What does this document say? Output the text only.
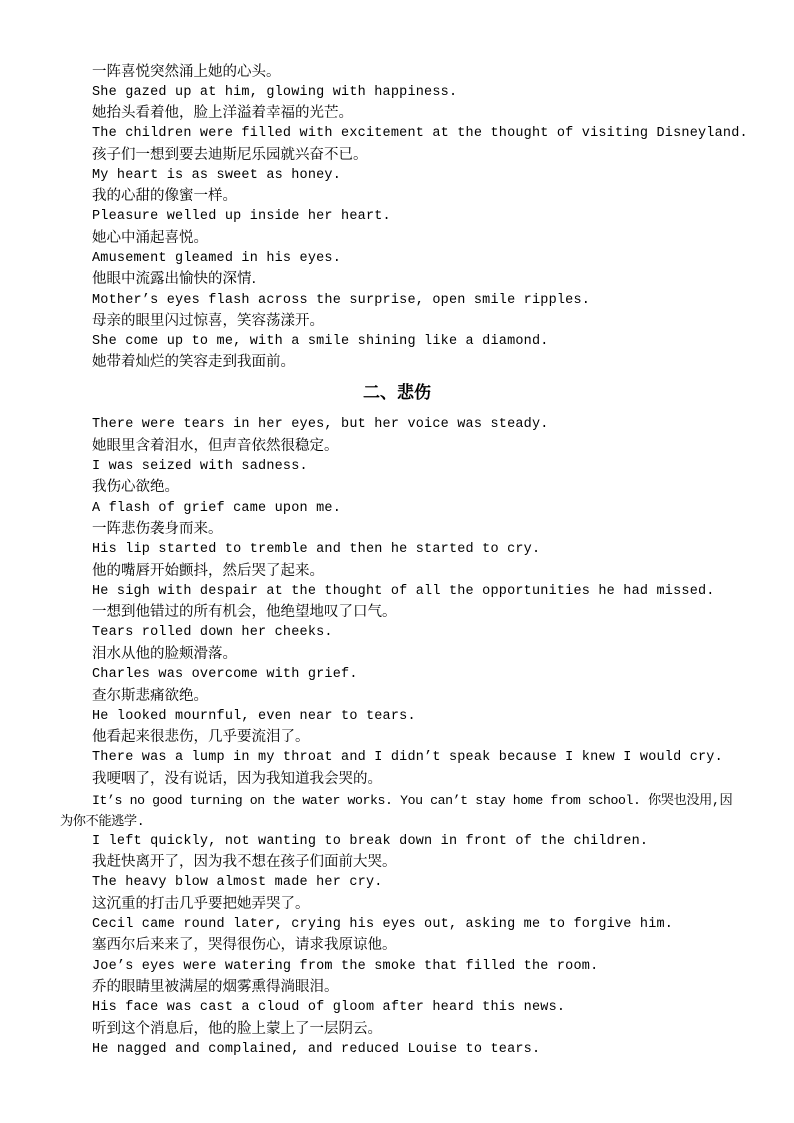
一阵喜悦突然涌上她的心头。
She gazed up at him, glowing with happiness.
她抬头看着他，脸上洋溢着幸福的光芒。
The children were filled with excitement at the thought of visiting Disneyland.
孩子们一想到要去迪斯尼乐园就兴奋不已。
My heart is as sweet as honey.
我的心甜的像蜜一样。
Pleasure welled up inside her heart.
她心中涌起喜悦。
Amusement gleamed in his eyes.
他眼中流露出愉快的深情.
Mother’s eyes flash across the surprise, open smile ripples.
母亲的眼里闪过惊喜，笑容荡漾开。
She come up to me, with a smile shining like a diamond.
她带着灿烂的笑容走到我面前。
二、悲伤
There were tears in her eyes, but her voice was steady.
她眼里含着泪水，但声音依然很稳定。
I was seized with sadness.
我伤心欲绝。
A flash of grief came upon me.
一阵悲伤袭身而来。
His lip started to tremble and then he started to cry.
他的嘴唇开始颤抖，然后哭了起来。
He sigh with despair at the thought of all the opportunities he had missed.
一想到他错过的所有机会，他绝望地叹了口气。
Tears rolled down her cheeks.
泪水从他的脸颊滑落。
Charles was overcome with grief.
查尔斯悲痛欲绝。
He looked mournful, even near to tears.
他看起来很悲伤，几乎要流泪了。
There was a lump in my throat and I didn’t speak because I knew I would cry.
我哽咽了，没有说话，因为我知道我会哭的。
It’s no good turning on the water works. You can’t stay home from school. 你哭也没用,因为你不能逃学.
I left quickly, not wanting to break down in front of the children.
我赶快离开了，因为我不想在孩子们面前大哭。
The heavy blow almost made her cry.
这沉重的打击几乎要把她弄哭了。
Cecil came round later, crying his eyes out, asking me to forgive him.
塞西尔后来来了，哭得很伤心，请求我原谅他。
Joe’s eyes were watering from the smoke that filled the room.
乔的眼睛里被满屋的烟雾熏得淌眼泪。
His face was cast a cloud of gloom after heard this news.
听到这个消息后，他的脸上蒙上了一层阴云。
He nagged and complained, and reduced Louise to tears.
